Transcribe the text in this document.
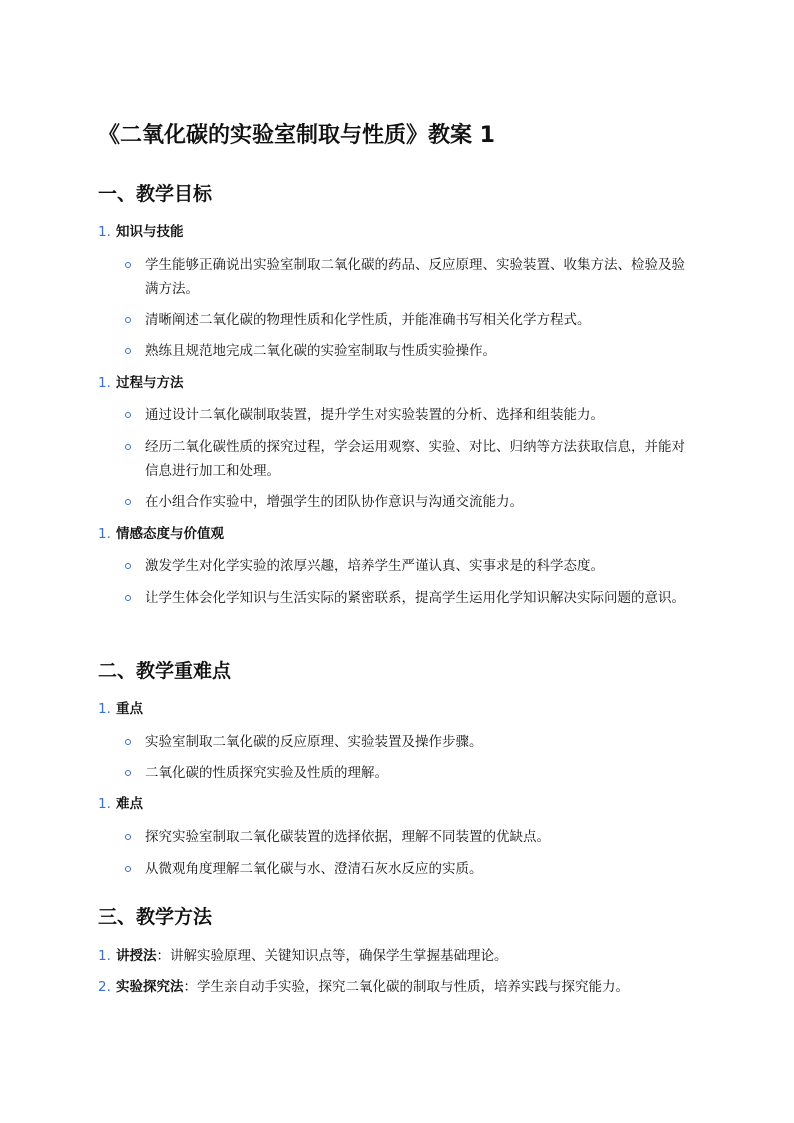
《二氧化碳的实验室制取与性质》教案 1
一、教学目标
1. 知识与技能
学生能够正确说出实验室制取二氧化碳的药品、反应原理、实验装置、收集方法、检验及验满方法。
清晰阐述二氧化碳的物理性质和化学性质，并能准确书写相关化学方程式。
熟练且规范地完成二氧化碳的实验室制取与性质实验操作。
1. 过程与方法
通过设计二氧化碳制取装置，提升学生对实验装置的分析、选择和组装能力。
经历二氧化碳性质的探究过程，学会运用观察、实验、对比、归纳等方法获取信息，并能对信息进行加工和处理。
在小组合作实验中，增强学生的团队协作意识与沟通交流能力。
1. 情感态度与价值观
激发学生对化学实验的浓厚兴趣，培养学生严谨认真、实事求是的科学态度。
让学生体会化学知识与生活实际的紧密联系，提高学生运用化学知识解决实际问题的意识。
二、教学重难点
1. 重点
实验室制取二氧化碳的反应原理、实验装置及操作步骤。
二氧化碳的性质探究实验及性质的理解。
1. 难点
探究实验室制取二氧化碳装置的选择依据，理解不同装置的优缺点。
从微观角度理解二氧化碳与水、澄清石灰水反应的实质。
三、教学方法
1. 讲授法：讲解实验原理、关键知识点等，确保学生掌握基础理论。
2. 实验探究法：学生亲自动手实验，探究二氧化碳的制取与性质，培养实践与探究能力。
